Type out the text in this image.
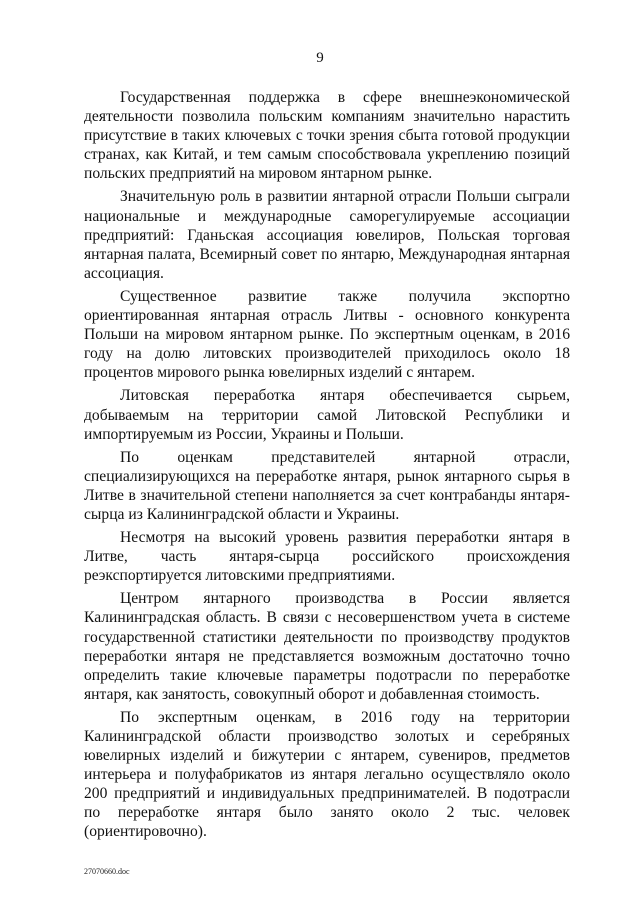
9

Государственная поддержка в сфере внешнеэкономической деятельности позволила польским компаниям значительно нарастить присутствие в таких ключевых с точки зрения сбыта готовой продукции странах, как Китай, и тем самым способствовала укреплению позиций польских предприятий на мировом янтарном рынке.

Значительную роль в развитии янтарной отрасли Польши сыграли национальные и международные саморегулируемые ассоциации предприятий: Гданьская ассоциация ювелиров, Польская торговая янтарная палата, Всемирный совет по янтарю, Международная янтарная ассоциация.

Существенное развитие также получила экспортно ориентированная янтарная отрасль Литвы - основного конкурента Польши на мировом янтарном рынке. По экспертным оценкам, в 2016 году на долю литовских производителей приходилось около 18 процентов мирового рынка ювелирных изделий с янтарем.

Литовская переработка янтаря обеспечивается сырьем, добываемым на территории самой Литовской Республики и импортируемым из России, Украины и Польши.

По оценкам представителей янтарной отрасли, специализирующихся на переработке янтаря, рынок янтарного сырья в Литве в значительной степени наполняется за счет контрабанды янтаря-сырца из Калининградской области и Украины.

Несмотря на высокий уровень развития переработки янтаря в Литве, часть янтаря-сырца российского происхождения реэкспортируется литовскими предприятиями.

Центром янтарного производства в России является Калининградская область. В связи с несовершенством учета в системе государственной статистики деятельности по производству продуктов переработки янтаря не представляется возможным достаточно точно определить такие ключевые параметры подотрасли по переработке янтаря, как занятость, совокупный оборот и добавленная стоимость.

По экспертным оценкам, в 2016 году на территории Калининградской области производство золотых и серебряных ювелирных изделий и бижутерии с янтарем, сувениров, предметов интерьера и полуфабрикатов из янтаря легально осуществляло около 200 предприятий и индивидуальных предпринимателей. В подотрасли по переработке янтаря было занято около 2 тыс. человек (ориентировочно).

27070660.doc
